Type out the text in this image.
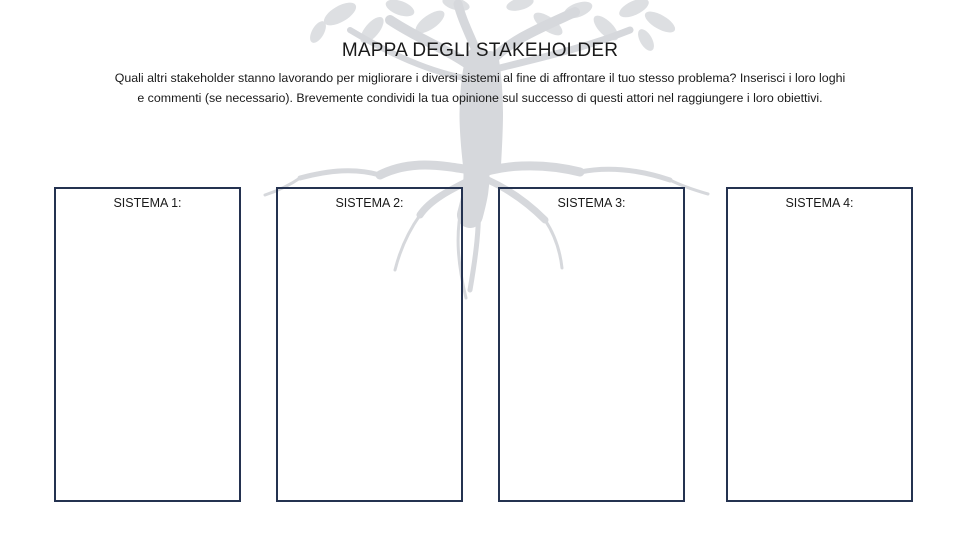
MAPPA DEGLI STAKEHOLDER
Quali altri stakeholder stanno lavorando per migliorare i diversi sistemi al fine di affrontare il tuo stesso problema? Inserisci i loro loghi
e commenti (se necessario). Brevemente condividi la tua opinione sul successo di questi attori nel raggiungere i loro obiettivi.
SISTEMA 1:	SISTEMA 2:	SISTEMA 3:	SISTEMA 4:
